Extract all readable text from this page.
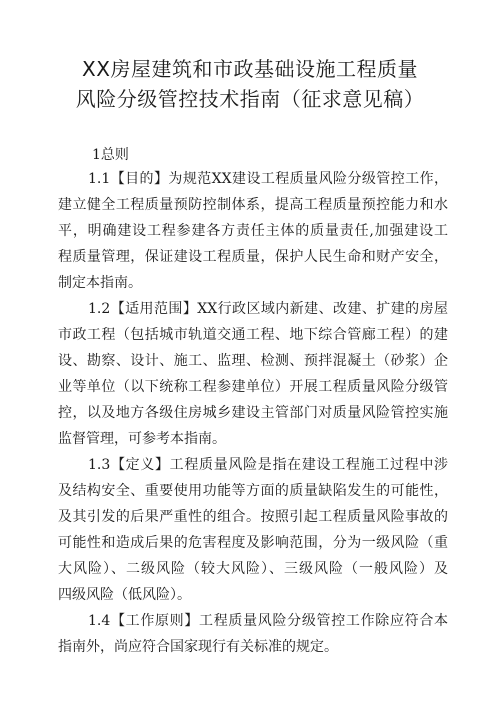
XX房屋建筑和市政基础设施工程质量
风险分级管控技术指南（征求意见稿）
1总则
1.1【目的】为规范XX建设工程质量风险分级管控工作，
建立健全工程质量预防控制体系，提高工程质量预控能力和水
平，明确建设工程参建各方责任主体的质量责任,加强建设工
程质量管理，保证建设工程质量，保护人民生命和财产安全，
制定本指南。
1.2【适用范围】XX行政区域内新建、改建、扩建的房屋
市政工程（包括城市轨道交通工程、地下综合管廊工程）的建
设、勘察、设计、施工、监理、检测、预拌混凝土（砂浆）企
业等单位（以下统称工程参建单位）开展工程质量风险分级管
控，以及地方各级住房城乡建设主管部门对质量风险管控实施
监督管理，可参考本指南。
1.3【定义】工程质量风险是指在建设工程施工过程中涉
及结构安全、重要使用功能等方面的质量缺陷发生的可能性，
及其引发的后果严重性的组合。按照引起工程质量风险事故的
可能性和造成后果的危害程度及影响范围，分为一级风险（重
大风险）、二级风险（较大风险）、三级风险（一般风险）及
四级风险（低风险）。
1.4【工作原则】工程质量风险分级管控工作除应符合本
指南外，尚应符合国家现行有关标准的规定。
